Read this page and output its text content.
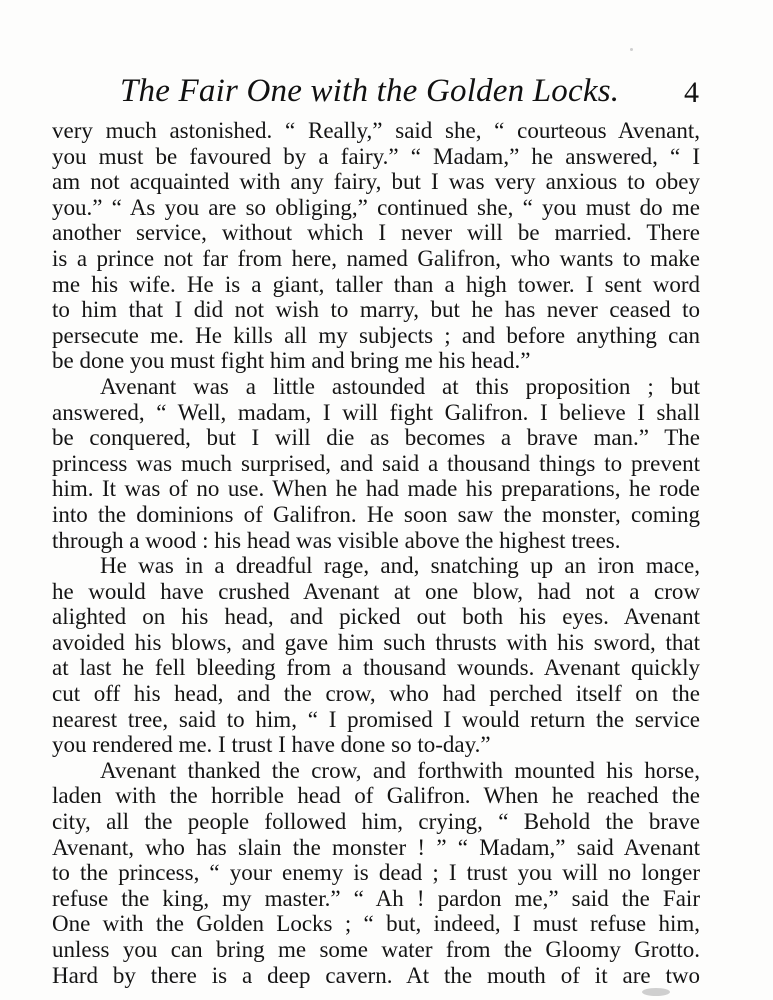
The Fair One with the Golden Locks. 4
very much astonished. “ Really,” said she, “ courteous Avenant,
you must be favoured by a fairy.” “ Madam,” he answered, “ I
am not acquainted with any fairy, but I was very anxious to obey
you.” “ As you are so obliging,” continued she, “ you must do me
another service, without which I never will be married. There
is a prince not far from here, named Galifron, who wants to make
me his wife. He is a giant, taller than a high tower. I sent word
to him that I did not wish to marry, but he has never ceased to
persecute me. He kills all my subjects ; and before anything can
be done you must fight him and bring me his head.”
Avenant was a little astounded at this proposition ; but
answered, “ Well, madam, I will fight Galifron. I believe I shall
be conquered, but I will die as becomes a brave man.” The
princess was much surprised, and said a thousand things to prevent
him. It was of no use. When he had made his preparations, he rode
into the dominions of Galifron. He soon saw the monster, coming
through a wood : his head was visible above the highest trees.
He was in a dreadful rage, and, snatching up an iron mace,
he would have crushed Avenant at one blow, had not a crow
alighted on his head, and picked out both his eyes. Avenant
avoided his blows, and gave him such thrusts with his sword, that
at last he fell bleeding from a thousand wounds. Avenant quickly
cut off his head, and the crow, who had perched itself on the
nearest tree, said to him, “ I promised I would return the service
you rendered me. I trust I have done so to-day.”
Avenant thanked the crow, and forthwith mounted his horse,
laden with the horrible head of Galifron. When he reached the
city, all the people followed him, crying, “ Behold the brave
Avenant, who has slain the monster ! ” “ Madam,” said Avenant
to the princess, “ your enemy is dead ; I trust you will no longer
refuse the king, my master.” “ Ah ! pardon me,” said the Fair
One with the Golden Locks ; “ but, indeed, I must refuse him,
unless you can bring me some water from the Gloomy Grotto.
Hard by there is a deep cavern. At the mouth of it are two
